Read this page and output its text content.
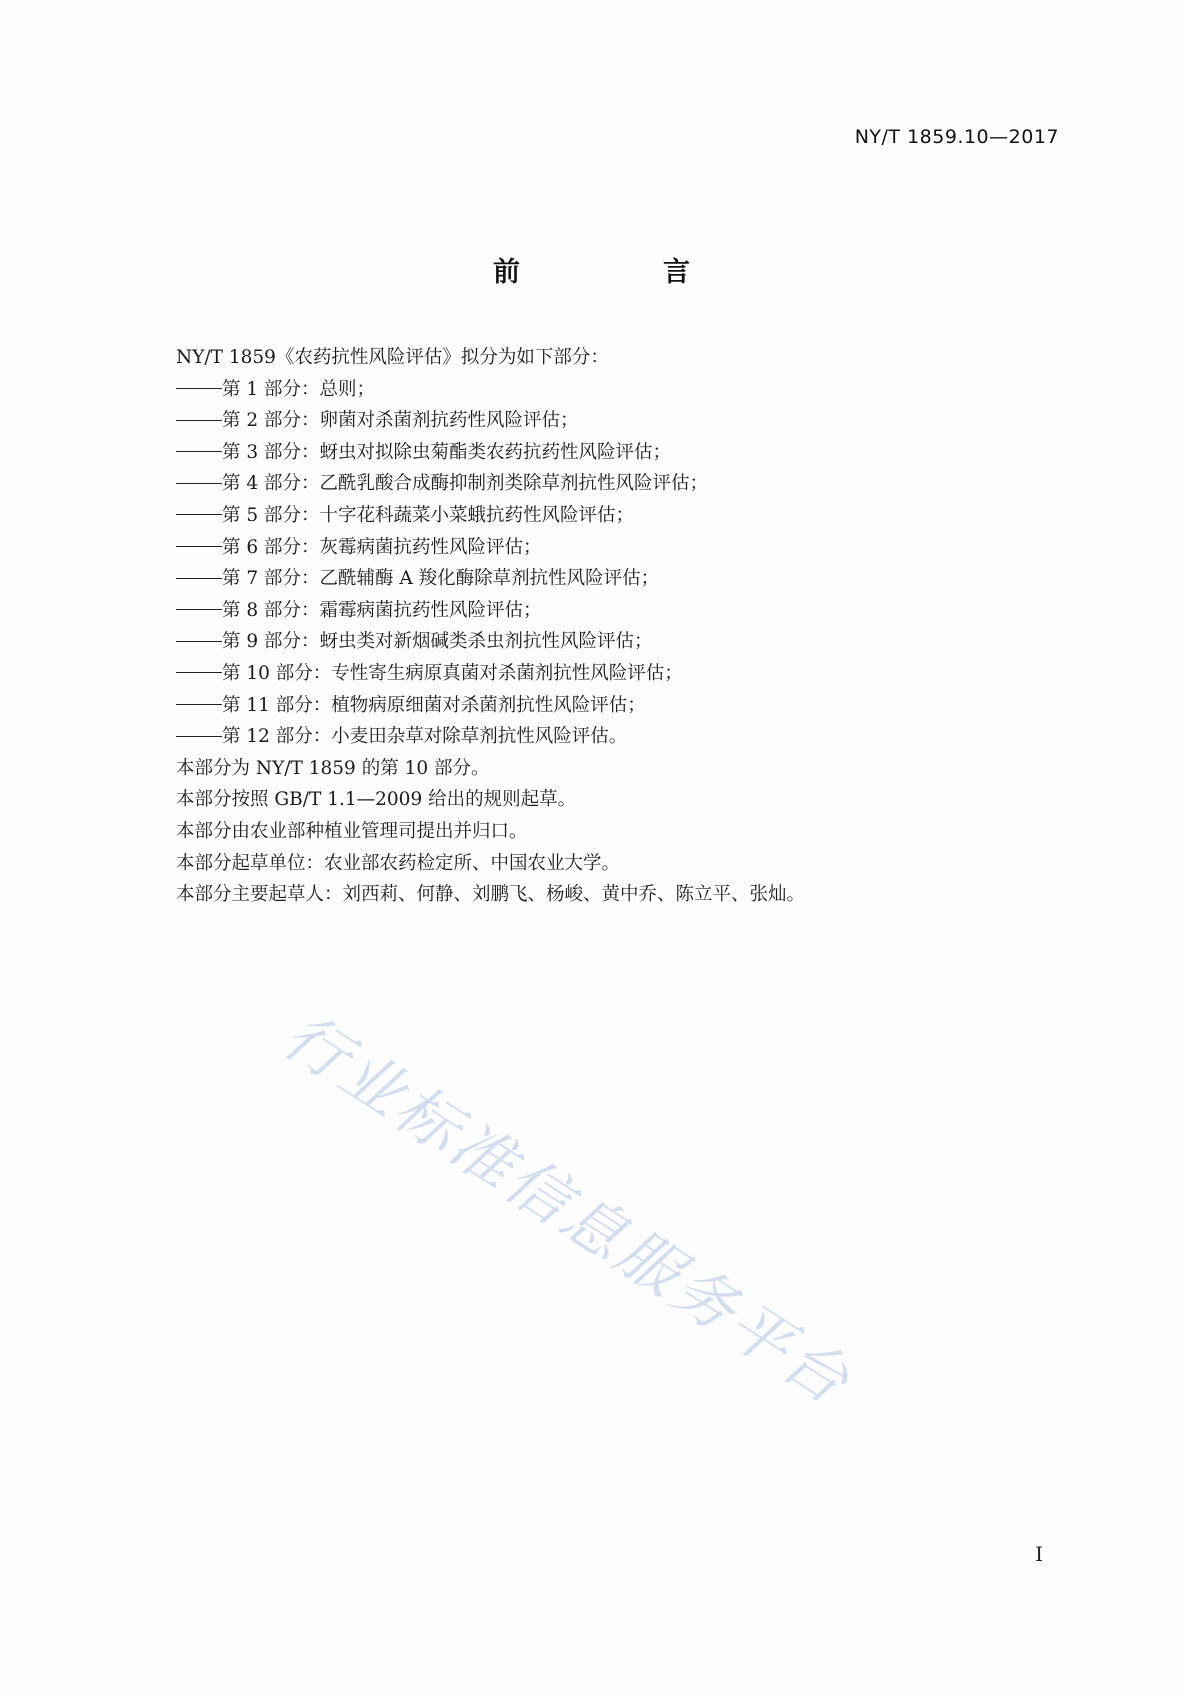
NY/T 1859.10—2017
前　言
NY/T 1859《农药抗性风险评估》拟分为如下部分：
第 1 部分：总则；
第 2 部分：卵菌对杀菌剂抗药性风险评估；
第 3 部分：蚜虫对拟除虫菊酯类农药抗药性风险评估；
第 4 部分：乙酰乳酸合成酶抑制剂类除草剂抗性风险评估；
第 5 部分：十字花科蔬菜小菜蛾抗药性风险评估；
第 6 部分：灰霉病菌抗药性风险评估；
第 7 部分：乙酰辅酶 A 羧化酶除草剂抗性风险评估；
第 8 部分：霜霉病菌抗药性风险评估；
第 9 部分：蚜虫类对新烟碱类杀虫剂抗性风险评估；
第 10 部分：专性寄生病原真菌对杀菌剂抗性风险评估；
第 11 部分：植物病原细菌对杀菌剂抗性风险评估；
第 12 部分：小麦田杂草对除草剂抗性风险评估。
本部分为 NY/T 1859 的第 10 部分。
本部分按照 GB/T 1.1—2009 给出的规则起草。
本部分由农业部种植业管理司提出并归口。
本部分起草单位：农业部农药检定所、中国农业大学。
本部分主要起草人：刘西莉、何静、刘鹏飞、杨峻、黄中乔、陈立平、张灿。
行业标准信息服务平台
I
